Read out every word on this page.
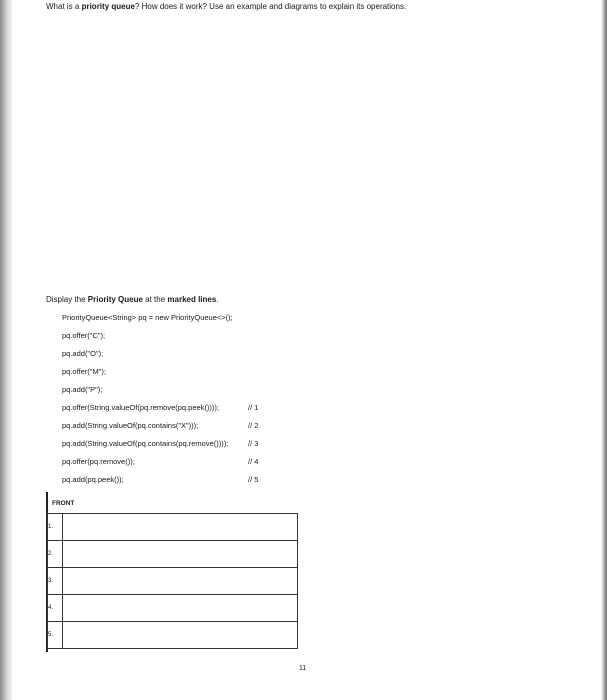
What is a priority queue? How does it work? Use an example and diagrams to explain its operations.
Display the Priority Queue at the marked lines.
PriorityQueue<String> pq = new PriorityQueue<>();
pq.offer("C");
pq.add("O");
pq.offer("M");
pq.add("P");
pq.offer(String.valueOf(pq.remove(pq.peek())));	// 1
pq.add(String.valueOf(pq.contains("X")));	// 2
pq.add(String.valueOf(pq.contains(pq.remove())));	// 3
pq.offer(pq.remove());	// 4
pq.add(pq.peek());	// 5
FRONT
1.	
2.	
3.	
4.	
5.	
11
